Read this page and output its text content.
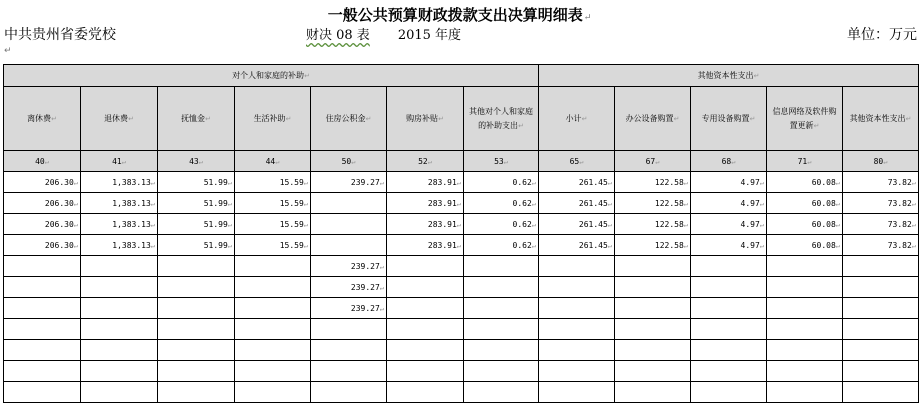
一般公共预算财政拨款支出决算明细表↵
中共贵州省委党校	财决 08 表 2015 年度	单位：万元
↵
对个人和家庭的补助↵							其他资本性支出↵				
离休费↵	退休费↵	抚恤金↵	生活补助↵	住房公积金↵	购房补贴↵	其他对个人和家庭的补助支出↵	小计↵	办公设备购置↵	专用设备购置↵	信息网络及软件购置更新↵	其他资本性支出↵
40↵	41↵	43↵	44↵	50↵	52↵	53↵	65↵	67↵	68↵	71↵	80↵
206.30↵	1,383.13↵	51.99↵	15.59↵	239.27↵	283.91↵	0.62↵	261.45↵	122.58↵	4.97↵	60.08↵	73.82↵
206.30↵	1,383.13↵	51.99↵	15.59↵		283.91↵	0.62↵	261.45↵	122.58↵	4.97↵	60.08↵	73.82↵
206.30↵	1,383.13↵	51.99↵	15.59↵		283.91↵	0.62↵	261.45↵	122.58↵	4.97↵	60.08↵	73.82↵
206.30↵	1,383.13↵	51.99↵	15.59↵		283.91↵	0.62↵	261.45↵	122.58↵	4.97↵	60.08↵	73.82↵
				239.27↵							
				239.27↵							
				239.27↵							
